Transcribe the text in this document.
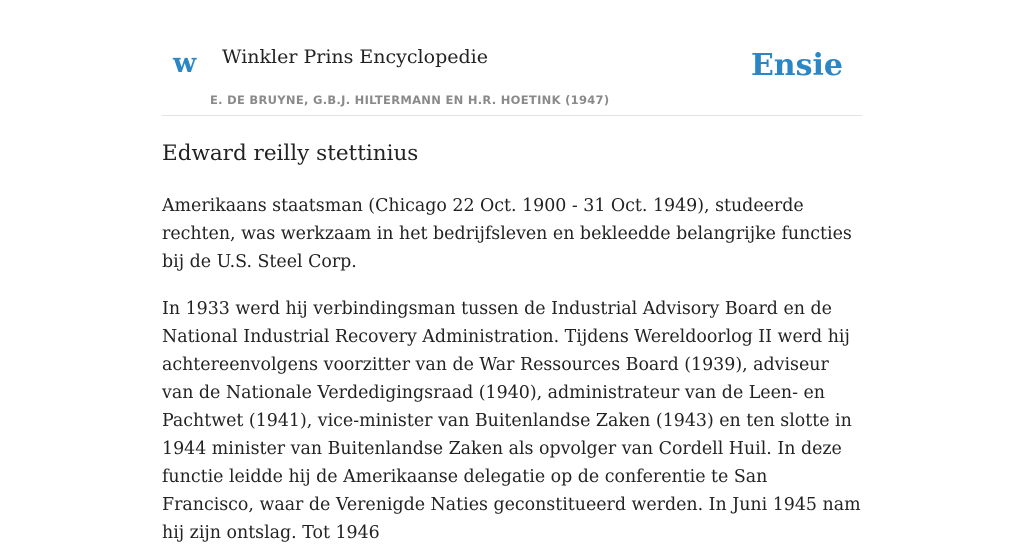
w Winkler Prins Encyclopedie
E. DE BRUYNE, G.B.J. HILTERMANN EN H.R. HOETINK (1947)
Ensie
Edward reilly stettinius

Amerikaans staatsman (Chicago 22 Oct. 1900 - 31 Oct. 1949), studeerde rechten, was werkzaam in het bedrijfsleven en bekleedde belangrijke functies bij de U.S. Steel Corp.

In 1933 werd hij verbindingsman tussen de Industrial Advisory Board en de National Industrial Recovery Administration. Tijdens Wereldoorlog II werd hij achtereenvolgens voorzitter van de War Ressources Board (1939), adviseur van de Nationale Verdedigingsraad (1940), administrateur van de Leen- en Pachtwet (1941), vice-minister van Buitenlandse Zaken (1943) en ten slotte in 1944 minister van Buitenlandse Zaken als opvolger van Cordell Huil. In deze functie leidde hij de Amerikaanse delegatie op de conferentie te San Francisco, waar de Verenigde Naties geconstitueerd werden. In Juni 1945 nam hij zijn ontslag. Tot 1946
